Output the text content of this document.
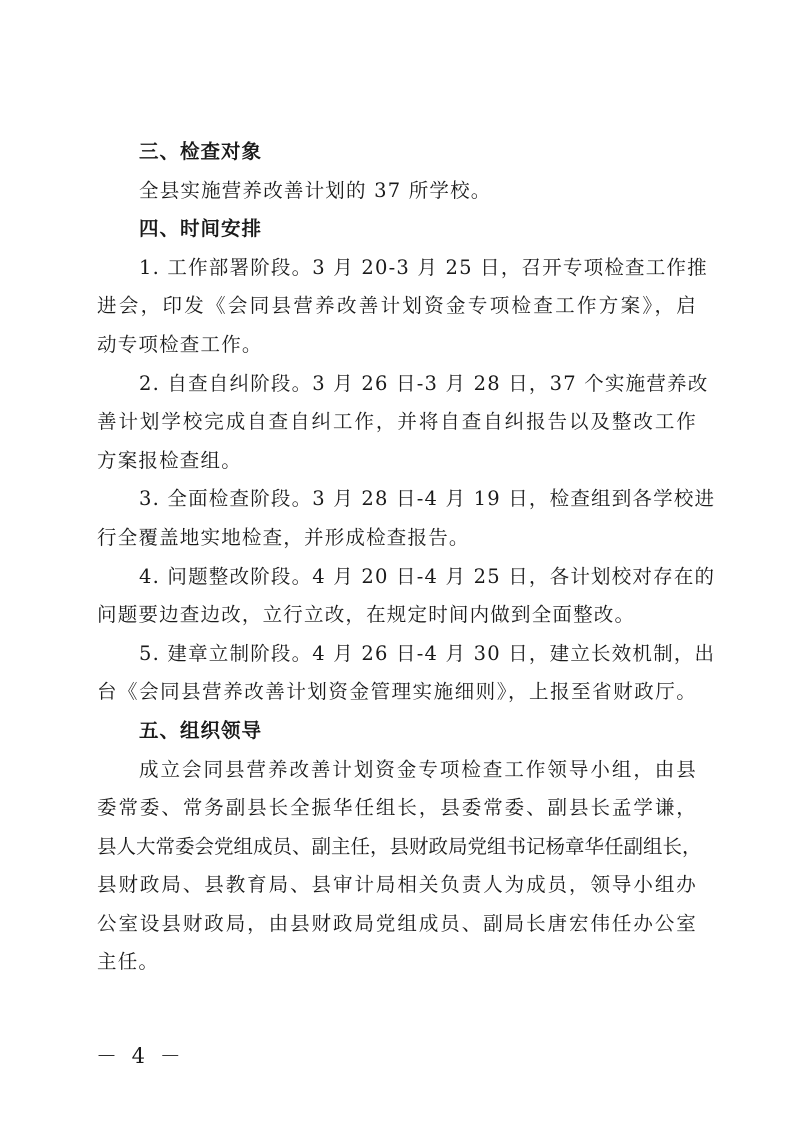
三、检查对象
全县实施营养改善计划的 37 所学校。
四、时间安排
1. 工作部署阶段。3 月 20-3 月 25 日，召开专项检查工作推
进会，印发《会同县营养改善计划资金专项检查工作方案》，启
动专项检查工作。
2. 自查自纠阶段。3 月 26 日-3 月 28 日，37 个实施营养改
善计划学校完成自查自纠工作，并将自查自纠报告以及整改工作
方案报检查组。
3. 全面检查阶段。3 月 28 日-4 月 19 日，检查组到各学校进
行全覆盖地实地检查，并形成检查报告。
4. 问题整改阶段。4 月 20 日-4 月 25 日，各计划校对存在的
问题要边查边改，立行立改，在规定时间内做到全面整改。
5. 建章立制阶段。4 月 26 日-4 月 30 日，建立长效机制，出
台《会同县营养改善计划资金管理实施细则》，上报至省财政厅。
五、组织领导
成立会同县营养改善计划资金专项检查工作领导小组，由县
委常委、常务副县长全振华任组长，县委常委、副县长孟学谦，
县人大常委会党组成员、副主任，县财政局党组书记杨章华任副组长，
县财政局、县教育局、县审计局相关负责人为成员，领导小组办
公室设县财政局，由县财政局党组成员、副局长唐宏伟任办公室
主任。
－ 4 －
